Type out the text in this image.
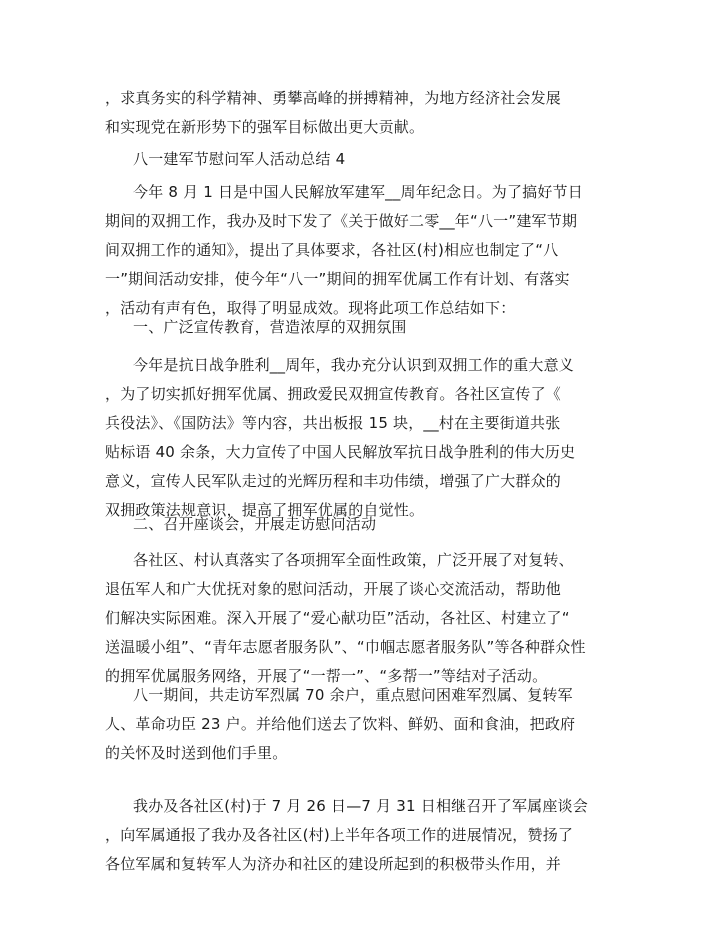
，求真务实的科学精神、勇攀高峰的拼搏精神，为地方经济社会发展
和实现党在新形势下的强军目标做出更大贡献。
八一建军节慰问军人活动总结 4
今年 8 月 1 日是中国人民解放军建军__周年纪念日。为了搞好节日
期间的双拥工作，我办及时下发了《关于做好二零__年“八一”建军节期
间双拥工作的通知》，提出了具体要求，各社区(村)相应也制定了“八
一”期间活动安排，使今年“八一”期间的拥军优属工作有计划、有落实
，活动有声有色，取得了明显成效。现将此项工作总结如下：
一、广泛宣传教育，营造浓厚的双拥氛围
今年是抗日战争胜利__周年，我办充分认识到双拥工作的重大意义
，为了切实抓好拥军优属、拥政爱民双拥宣传教育。各社区宣传了《
兵役法》、《国防法》等内容，共出板报 15 块，__村在主要街道共张
贴标语 40 余条，大力宣传了中国人民解放军抗日战争胜利的伟大历史
意义，宣传人民军队走过的光辉历程和丰功伟绩，增强了广大群众的
双拥政策法规意识，提高了拥军优属的自觉性。
二、召开座谈会，开展走访慰问活动
各社区、村认真落实了各项拥军全面性政策，广泛开展了对复转、
退伍军人和广大优抚对象的慰问活动，开展了谈心交流活动，帮助他
们解决实际困难。深入开展了“爱心献功臣”活动，各社区、村建立了“
送温暖小组”、“青年志愿者服务队”、“巾帼志愿者服务队”等各种群众性
的拥军优属服务网络，开展了“一帮一”、“多帮一”等结对子活动。
八一期间，共走访军烈属 70 余户，重点慰问困难军烈属、复转军
人、革命功臣 23 户。并给他们送去了饮料、鲜奶、面和食油，把政府
的关怀及时送到他们手里。
我办及各社区(村)于 7 月 26 日—7 月 31 日相继召开了军属座谈会
，向军属通报了我办及各社区(村)上半年各项工作的进展情况，赞扬了
各位军属和复转军人为济办和社区的建设所起到的积极带头作用，并
